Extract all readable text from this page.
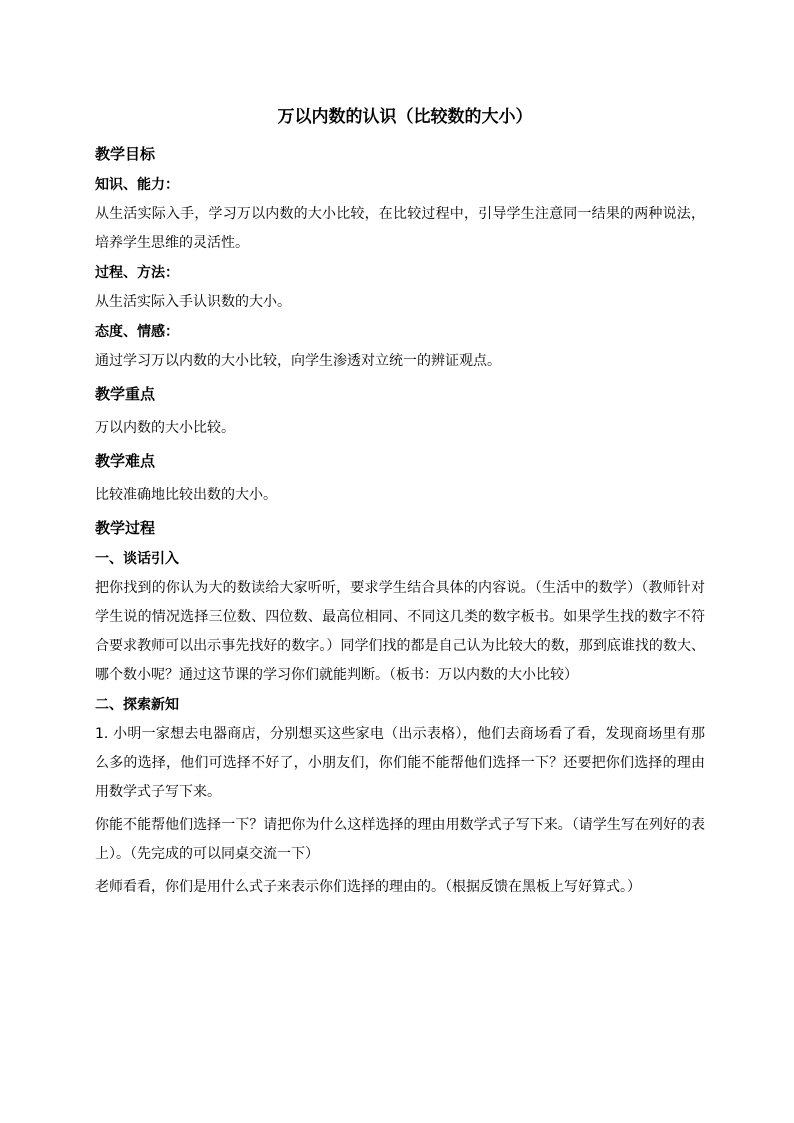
万以内数的认识（比较数的大小）
教学目标
知识、能力：
从生活实际入手，学习万以内数的大小比较，在比较过程中，引导学生注意同一结果的两种说法，培养学生思维的灵活性。
过程、方法：
从生活实际入手认识数的大小。
态度、情感：
通过学习万以内数的大小比较，向学生渗透对立统一的辨证观点。
教学重点
万以内数的大小比较。
教学难点
比较准确地比较出数的大小。
教学过程
一、谈话引入
把你找到的你认为大的数读给大家听听，要求学生结合具体的内容说。（生活中的数学）（教师针对学生说的情况选择三位数、四位数、最高位相同、不同这几类的数字板书。如果学生找的数字不符合要求教师可以出示事先找好的数字。）同学们找的都是自己认为比较大的数，那到底谁找的数大、哪个数小呢？通过这节课的学习你们就能判断。（板书：万以内数的大小比较）
二、探索新知
1. 小明一家想去电器商店，分别想买这些家电（出示表格），他们去商场看了看，发现商场里有那么多的选择，他们可选择不好了，小朋友们，你们能不能帮他们选择一下？还要把你们选择的理由用数学式子写下来。
你能不能帮他们选择一下？请把你为什么这样选择的理由用数学式子写下来。（请学生写在列好的表上）。（先完成的可以同桌交流一下）
老师看看，你们是用什么式子来表示你们选择的理由的。（根据反馈在黑板上写好算式。）
